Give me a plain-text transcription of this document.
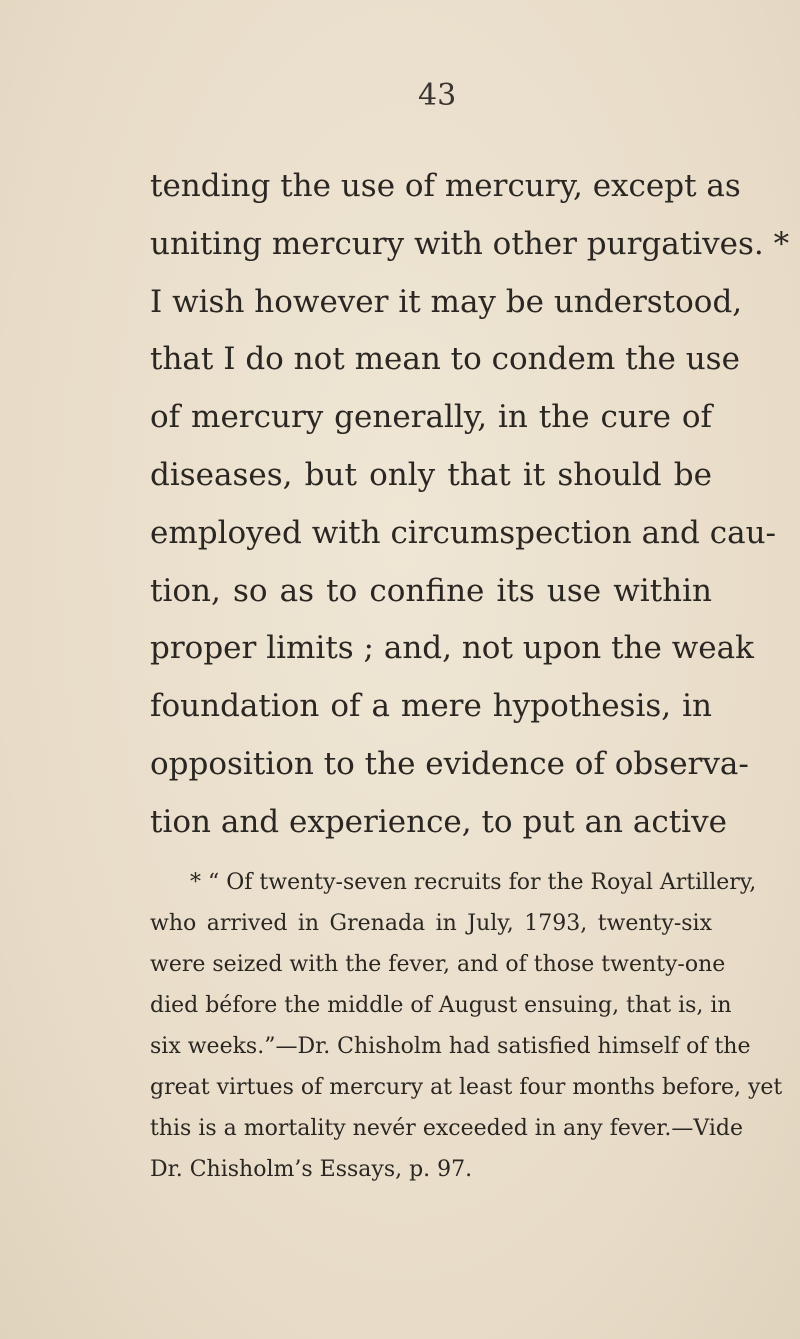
43
tending the use of mercury, except as
uniting mercury with other purgatives. *
I wish however it may be understood,
that I do not mean to condem the use
of mercury generally, in the cure of
diseases, but only that it should be
employed with circumspection and cau-
tion, so as to confine its use within
proper limits ; and, not upon the weak
foundation of a mere hypothesis, in
opposition to the evidence of observa-
tion and experience, to put an active
* “ Of twenty-seven recruits for the Royal Artillery,
who arrived in Grenada in July, 1793, twenty-six
were seized with the fever, and of those twenty-one
died béfore the middle of August ensuing, that is, in
six weeks.”—Dr. Chisholm had satisfied himself of the
great virtues of mercury at least four months before, yet
this is a mortality nevér exceeded in any fever.—Vide
Dr. Chisholm’s Essays, p. 97.
